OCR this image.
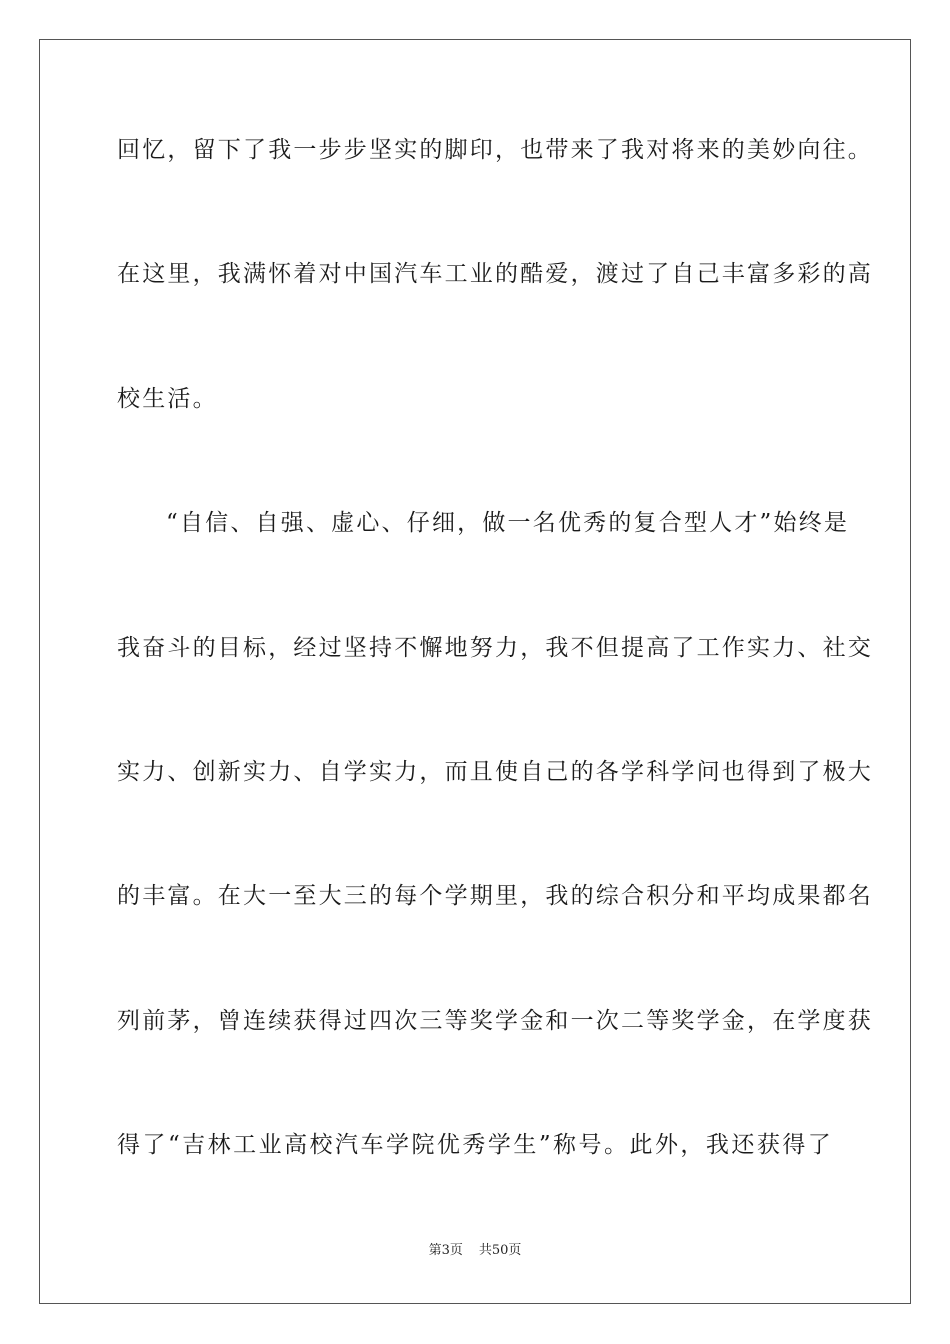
回忆，留下了我一步步坚实的脚印，也带来了我对将来的美妙向往。
在这里，我满怀着对中国汽车工业的酷爱，渡过了自己丰富多彩的高
校生活。
“自信、自强、虚心、仔细，做一名优秀的复合型人才”始终是
我奋斗的目标，经过坚持不懈地努力，我不但提高了工作实力、社交
实力、创新实力、自学实力，而且使自己的各学科学问也得到了极大
的丰富。在大一至大三的每个学期里，我的综合积分和平均成果都名
列前茅，曾连续获得过四次三等奖学金和一次二等奖学金，在学度获
得了“吉林工业高校汽车学院优秀学生”称号。此外，我还获得了
第3页 共50页
